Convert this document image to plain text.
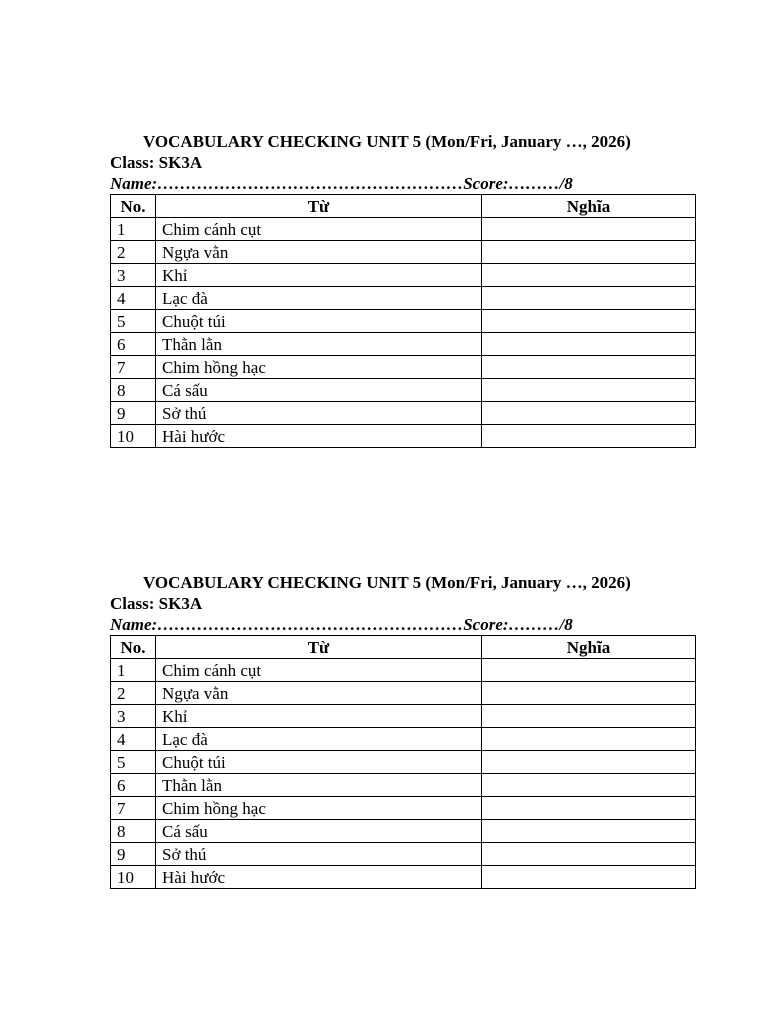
VOCABULARY CHECKING UNIT 5 (Mon/Fri, January …, 2026)
Class: SK3A
Name:………………………………………………Score:………/8
No.	Từ	Nghĩa
1	Chim cánh cụt	
2	Ngựa vằn	
3	Khỉ	
4	Lạc đà	
5	Chuột túi	
6	Thằn lằn	
7	Chim hồng hạc	
8	Cá sấu	
9	Sở thú	
10	Hài hước	
VOCABULARY CHECKING UNIT 5 (Mon/Fri, January …, 2026)
Class: SK3A
Name:………………………………………………Score:………/8
No.	Từ	Nghĩa
1	Chim cánh cụt	
2	Ngựa vằn	
3	Khỉ	
4	Lạc đà	
5	Chuột túi	
6	Thằn lằn	
7	Chim hồng hạc	
8	Cá sấu	
9	Sở thú	
10	Hài hước	
